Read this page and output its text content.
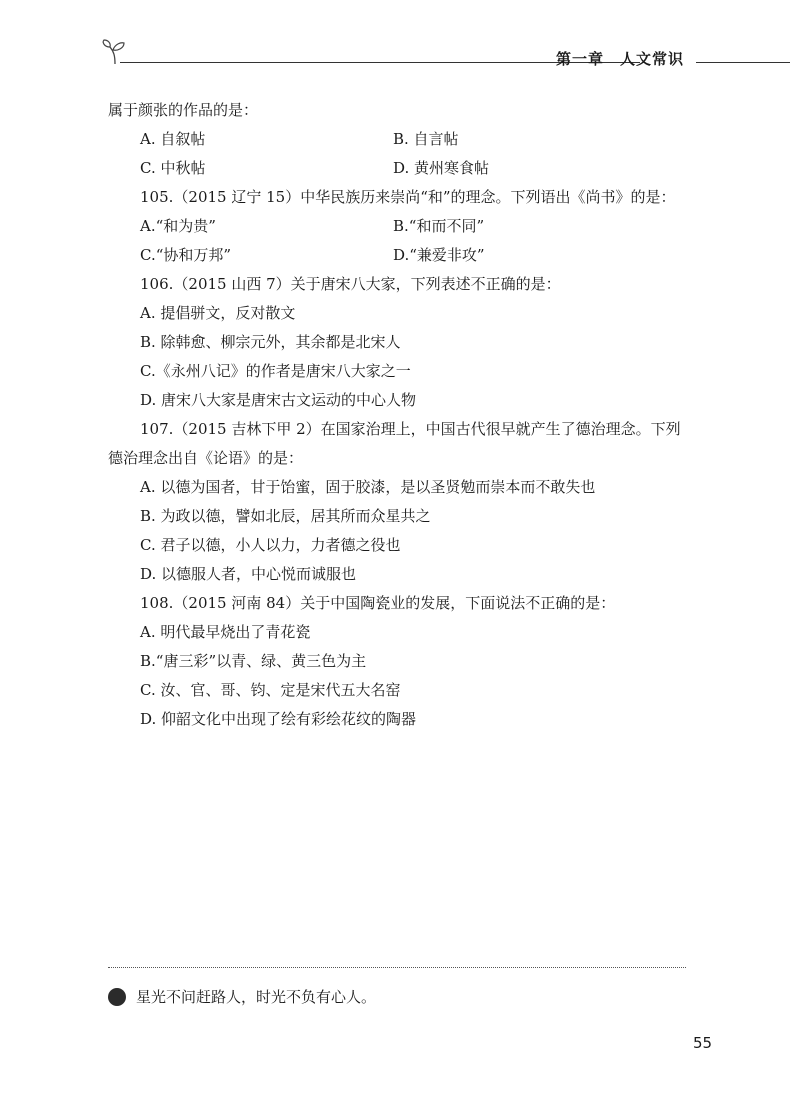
第一章　人文常识
属于颜张的作品的是：
A. 自叙帖	B. 自言帖
C. 中秋帖	D. 黄州寒食帖
105.（2015 辽宁 15）中华民族历来崇尚“和”的理念。下列语出《尚书》的是：
A.“和为贵”	B.“和而不同”
C.“协和万邦”	D.“兼爱非攻”
106.（2015 山西 7）关于唐宋八大家，下列表述不正确的是：
A. 提倡骈文，反对散文
B. 除韩愈、柳宗元外，其余都是北宋人
C.《永州八记》的作者是唐宋八大家之一
D. 唐宋八大家是唐宋古文运动的中心人物
107.（2015 吉林下甲 2）在国家治理上，中国古代很早就产生了德治理念。下列
德治理念出自《论语》的是：
A. 以德为国者，甘于饴蜜，固于胶漆，是以圣贤勉而崇本而不敢失也
B. 为政以德，譬如北辰，居其所而众星共之
C. 君子以德，小人以力，力者德之役也
D. 以德服人者，中心悦而诚服也
108.（2015 河南 84）关于中国陶瓷业的发展，下面说法不正确的是：
A. 明代最早烧出了青花瓷
B.“唐三彩”以青、绿、黄三色为主
C. 汝、官、哥、钧、定是宋代五大名窑
D. 仰韶文化中出现了绘有彩绘花纹的陶器
星光不问赶路人，时光不负有心人。
55
